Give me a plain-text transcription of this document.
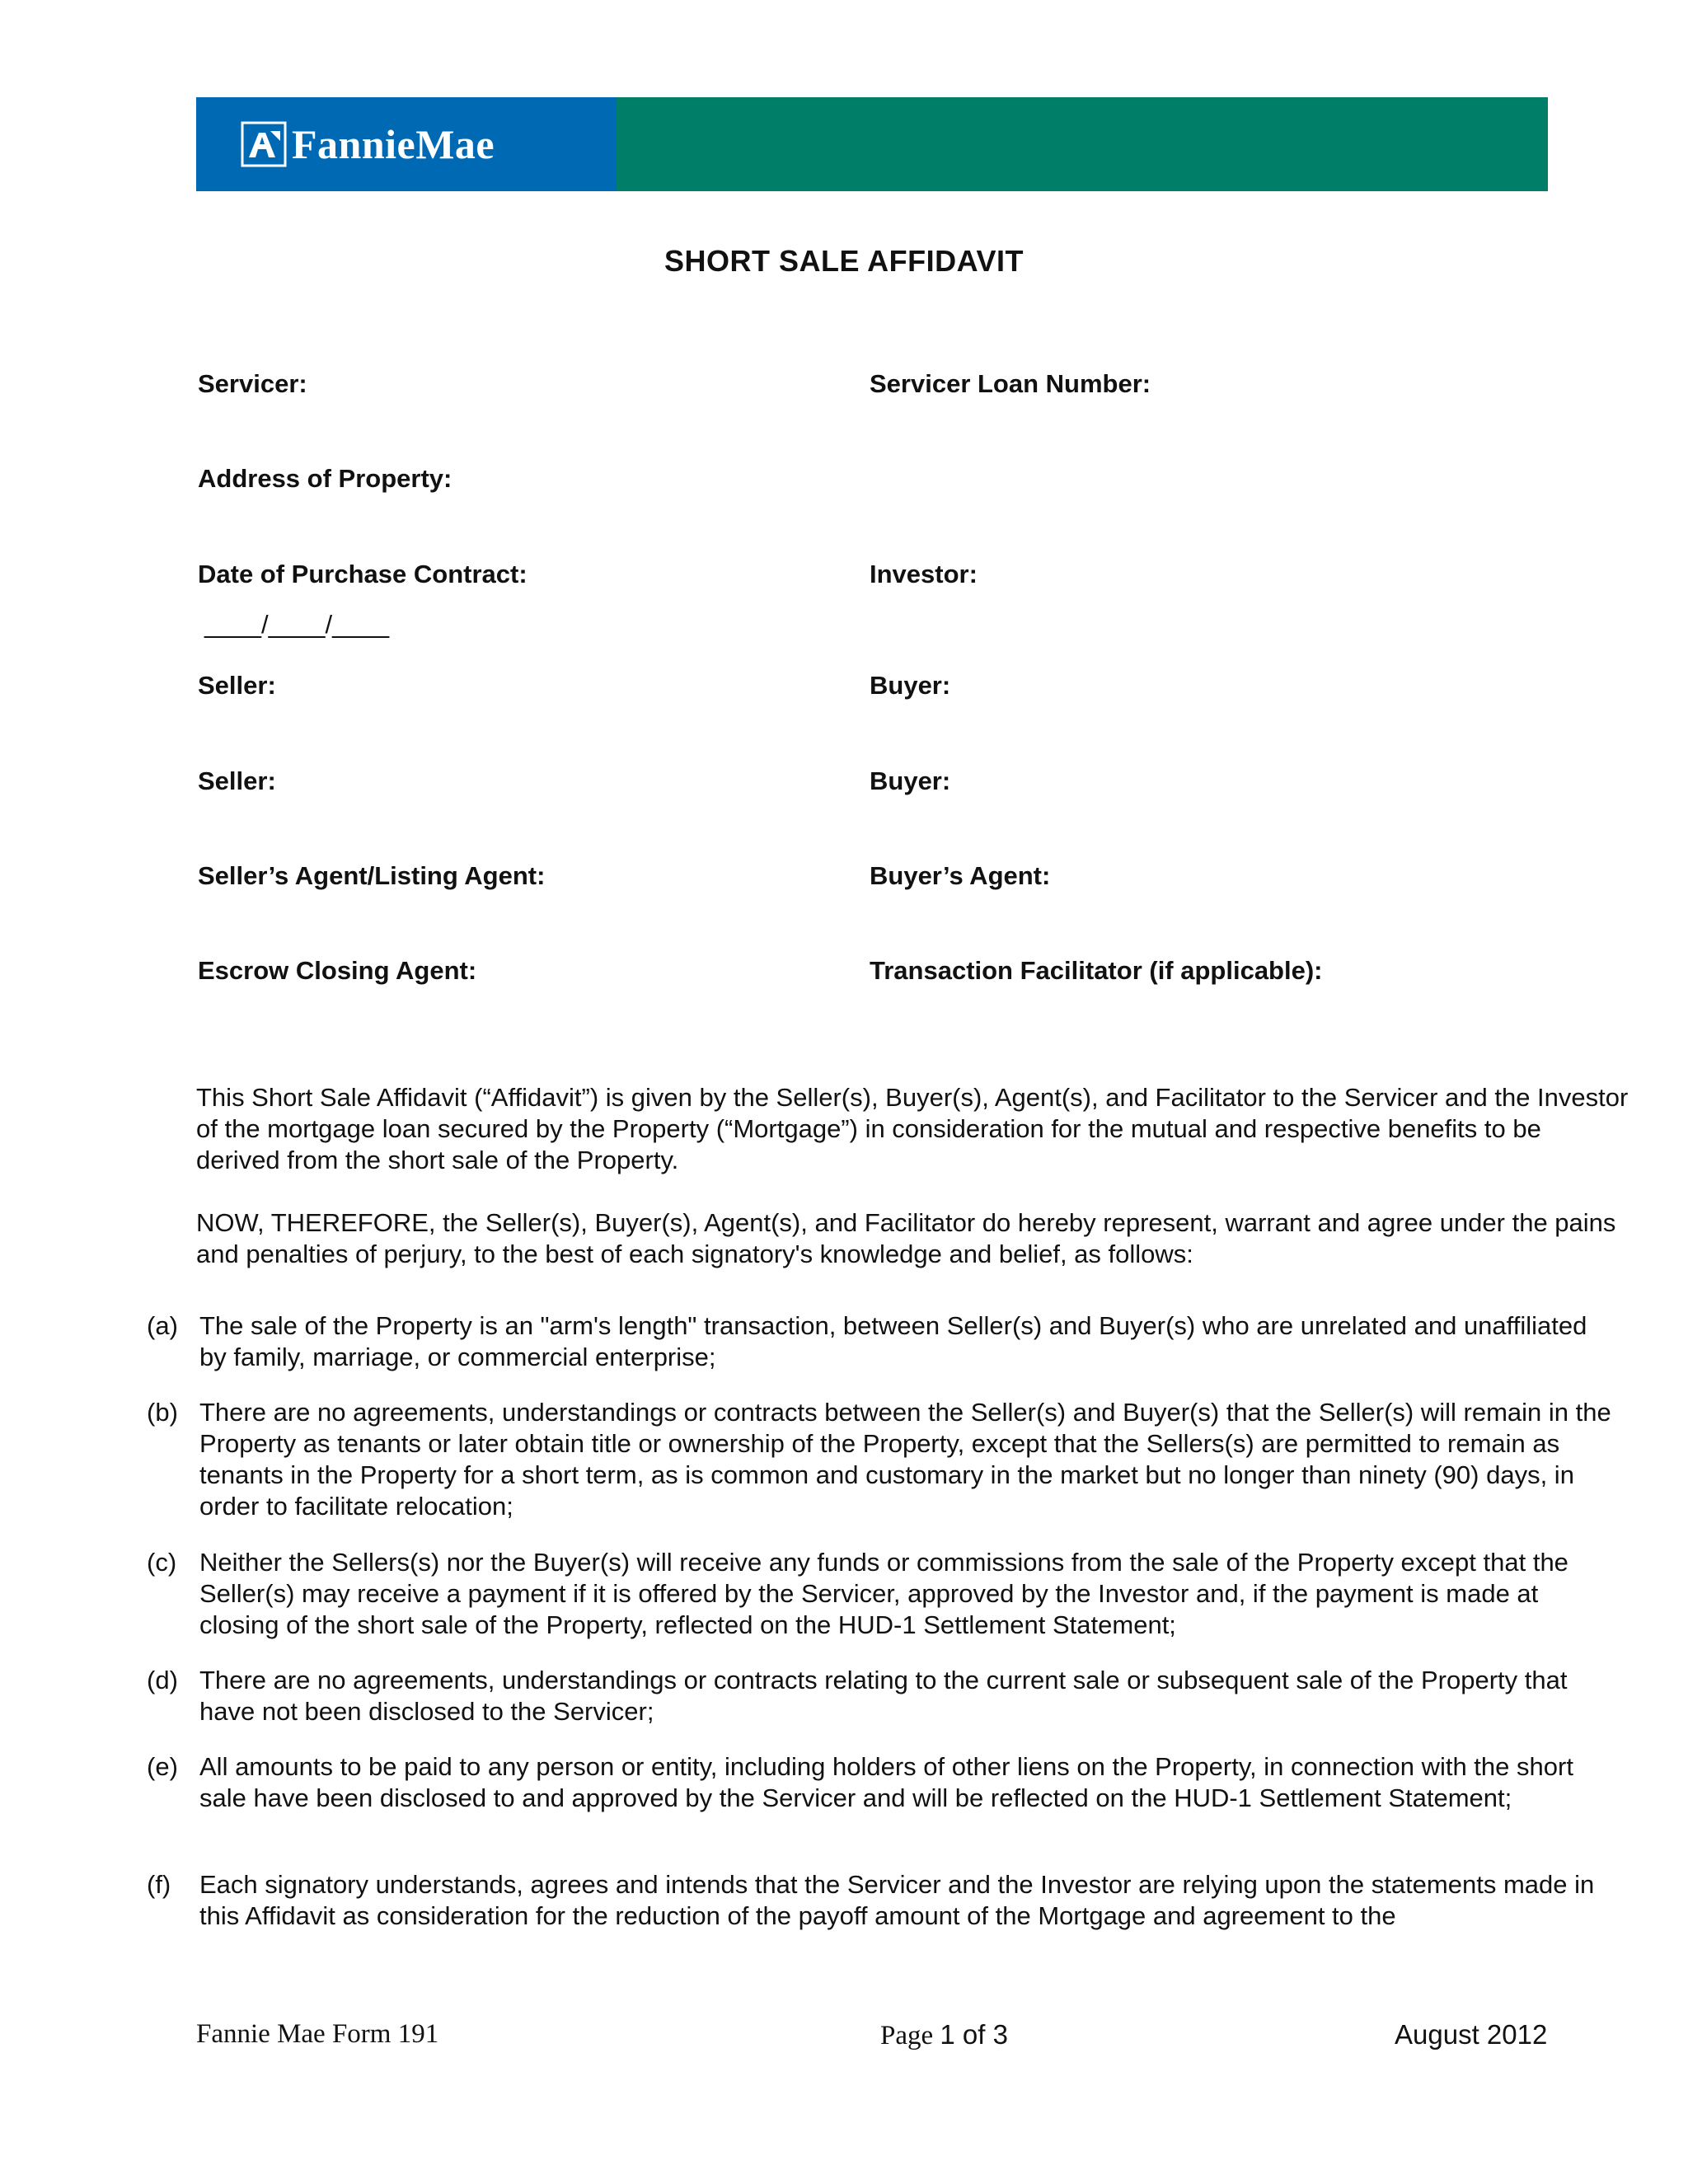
FannieMae
SHORT SALE AFFIDAVIT
Servicer:	Servicer Loan Number:
Address of Property:
Date of Purchase Contract:
____/____/____
Investor:
Seller:	Buyer:
Seller:	Buyer:
Seller’s Agent/Listing Agent:	Buyer’s Agent:
Escrow Closing Agent:	Transaction Facilitator (if applicable):
This Short Sale Affidavit (“Affidavit”) is given by the Seller(s), Buyer(s), Agent(s), and Facilitator to the Servicer and the Investor of the mortgage loan secured by the Property (“Mortgage”) in consideration for the mutual and respective benefits to be derived from the short sale of the Property.
NOW, THEREFORE, the Seller(s), Buyer(s), Agent(s), and Facilitator do hereby represent, warrant and agree under the pains and penalties of perjury, to the best of each signatory's knowledge and belief, as follows:
(a) The sale of the Property is an "arm's length" transaction, between Seller(s) and Buyer(s) who are unrelated and unaffiliated by family, marriage, or commercial enterprise;
(b) There are no agreements, understandings or contracts between the Seller(s) and Buyer(s) that the Seller(s) will remain in the Property as tenants or later obtain title or ownership of the Property, except that the Sellers(s) are permitted to remain as tenants in the Property for a short term, as is common and customary in the market but no longer than ninety (90) days, in order to facilitate relocation;
(c) Neither the Sellers(s) nor the Buyer(s) will receive any funds or commissions from the sale of the Property except that the Seller(s) may receive a payment if it is offered by the Servicer, approved by the Investor and, if the payment is made at closing of the short sale of the Property, reflected on the HUD-1 Settlement Statement;
(d) There are no agreements, understandings or contracts relating to the current sale or subsequent sale of the Property that have not been disclosed to the Servicer;
(e) All amounts to be paid to any person or entity, including holders of other liens on the Property, in connection with the short sale have been disclosed to and approved by the Servicer and will be reflected on the HUD-1 Settlement Statement;
(f) Each signatory understands, agrees and intends that the Servicer and the Investor are relying upon the statements made in this Affidavit as consideration for the reduction of the payoff amount of the Mortgage and agreement to the
Fannie Mae Form 191	Page 1 of 3	August 2012
